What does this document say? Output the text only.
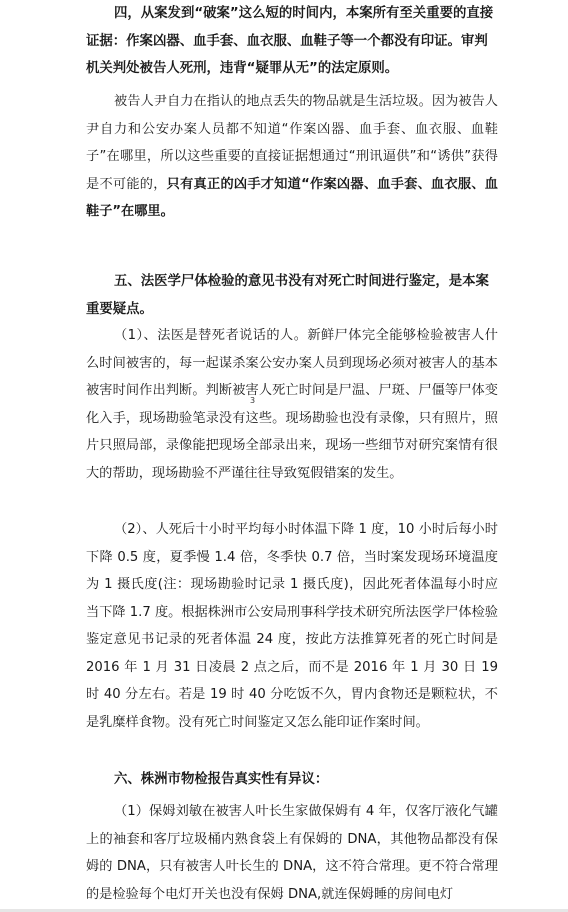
四，从案发到“破案”这么短的时间内，本案所有至关重要的直接证据：作案凶器、血手套、血衣服、血鞋子等一个都没有印证。审判机关判处被告人死刑，违背“疑罪从无”的法定原则。

被告人尹自力在指认的地点丢失的物品就是生活垃圾。因为被告人尹自力和公安办案人员都不知道“作案凶器、血手套、血衣服、血鞋子”在哪里，所以这些重要的直接证据想通过“刑讯逼供”和“诱供”获得是不可能的，只有真正的凶手才知道“作案凶器、血手套、血衣服、血鞋子”在哪里。

五、法医学尸体检验的意见书没有对死亡时间进行鉴定，是本案重要疑点。

（1）、法医是替死者说话的人。新鲜尸体完全能够检验被害人什么时间被害的，每一起谋杀案公安办案人员到现场必须对被害人的基本被害时间作出判断。判断被害人死亡时间是尸温、尸斑、尸僵等尸体变化入手，现场勘验笔录没有这些。现场勘验也没有录像，只有照片，照片只照局部，录像能把现场全部录出来，现场一些细节对研究案情有很大的帮助，现场勘验不严谨往往导致冤假错案的发生。

3

（2）、人死后十小时平均每小时体温下降 1 度，10 小时后每小时下降 0.5 度，夏季慢 1.4 倍，冬季快 0.7 倍，当时案发现场环境温度为 1 摄氏度(注：现场勘验时记录 1 摄氏度)，因此死者体温每小时应当下降 1.7 度。根据株洲市公安局刑事科学技术研究所法医学尸体检验鉴定意见书记录的死者体温 24 度，按此方法推算死者的死亡时间是 2016 年 1 月 31 日凌晨 2 点之后，而不是 2016 年 1 月 30 日 19 时 40 分左右。若是 19 时 40 分吃饭不久，胃内食物还是颗粒状，不是乳糜样食物。没有死亡时间鉴定又怎么能印证作案时间。

六、株洲市物检报告真实性有异议：

（1）保姆刘敏在被害人叶长生家做保姆有 4 年，仅客厅液化气罐上的袖套和客厅垃圾桶内熟食袋上有保姆的 DNA，其他物品都没有保姆的 DNA，只有被害人叶长生的 DNA，这不符合常理。更不符合常理的是检验每个电灯开关也没有保姆 DNA,就连保姆睡的房间电灯
